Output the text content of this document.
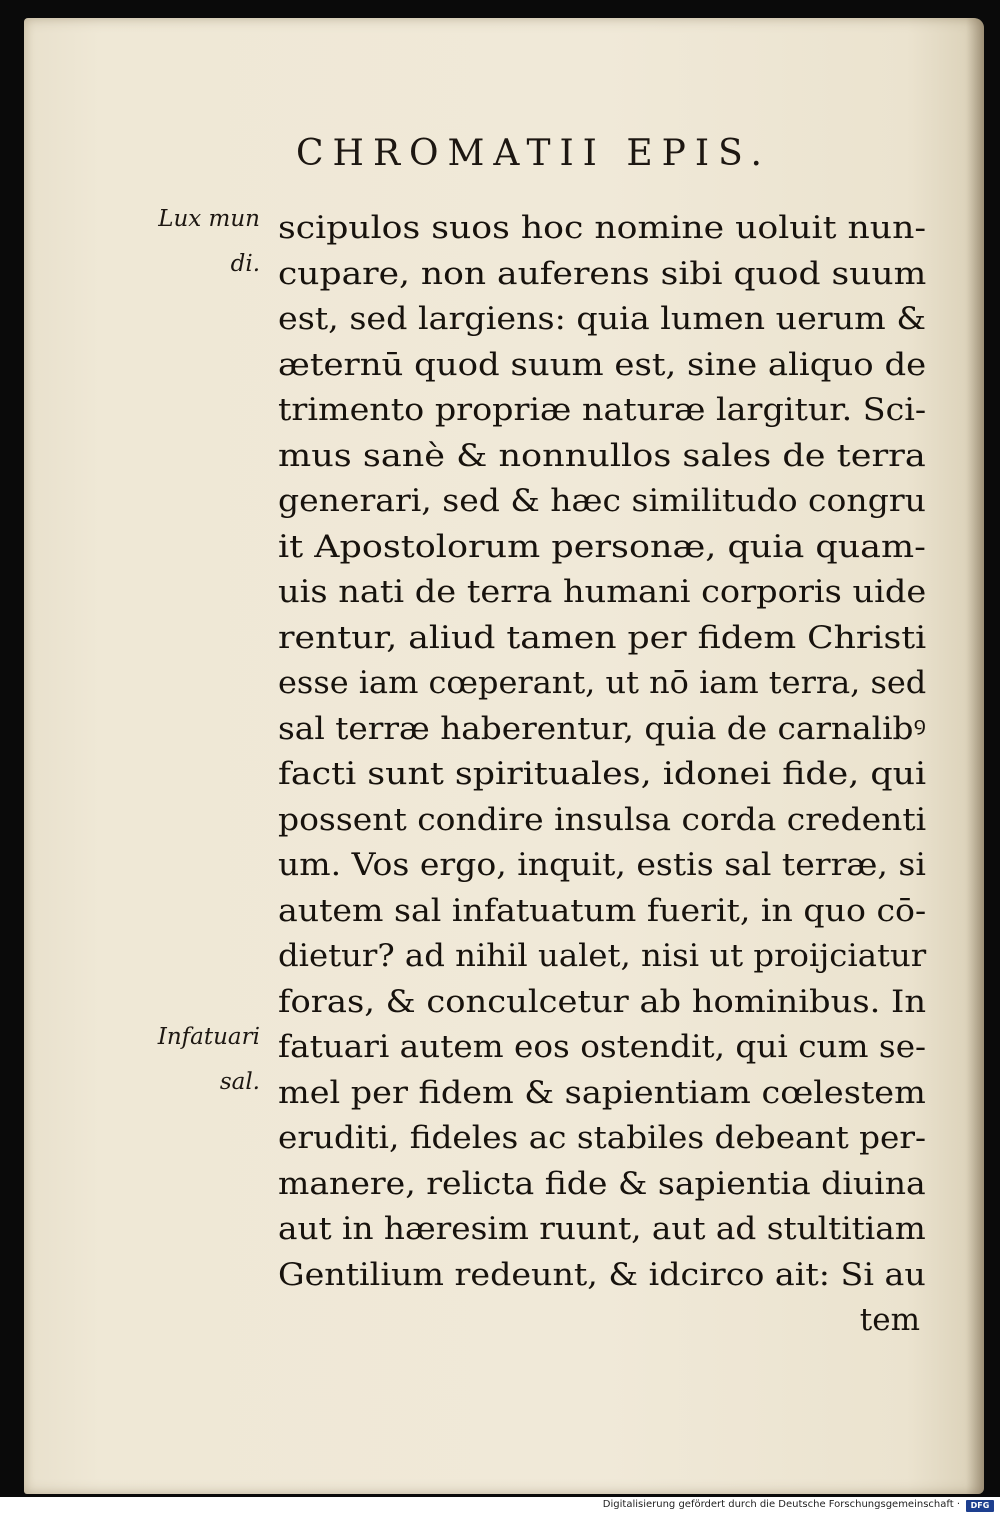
CHROMATII EPIS.
Lux mun
di.
Infatuari
sal.
scipulos suos hoc nomine uoluit nun-
cupare, non auferens sibi quod suum
est, sed largiens: quia lumen uerum &
æternū quod suum est, sine aliquo de
trimento propriæ naturæ largitur. Sci-
mus sanè & nonnullos sales de terra
generari, sed & hæc similitudo congru
it Apostolorum personæ, quia quam-
uis nati de terra humani corporis uide
rentur, aliud tamen per fidem Christi
esse iam cœperant, ut nō iam terra, sed
sal terræ haberentur, quia de carnalibꝰ
facti sunt spirituales, idonei fide, qui
possent condire insulsa corda credenti
um. Vos ergo, inquit, estis sal terræ, si
autem sal infatuatum fuerit, in quo cō-
dietur? ad nihil ualet, nisi ut proijciatur
foras, & conculcetur ab hominibus. In
fatuari autem eos ostendit, qui cum se-
mel per fidem & sapientiam cœlestem
eruditi, fideles ac stabiles debeant per-
manere, relicta fide & sapientia diuina
aut in hæresim ruunt, aut ad stultitiam
Gentilium redeunt, & idcirco ait: Si au
tem
Digitalisierung gefördert durch die Deutsche Forschungsgemeinschaft ·	DFG
